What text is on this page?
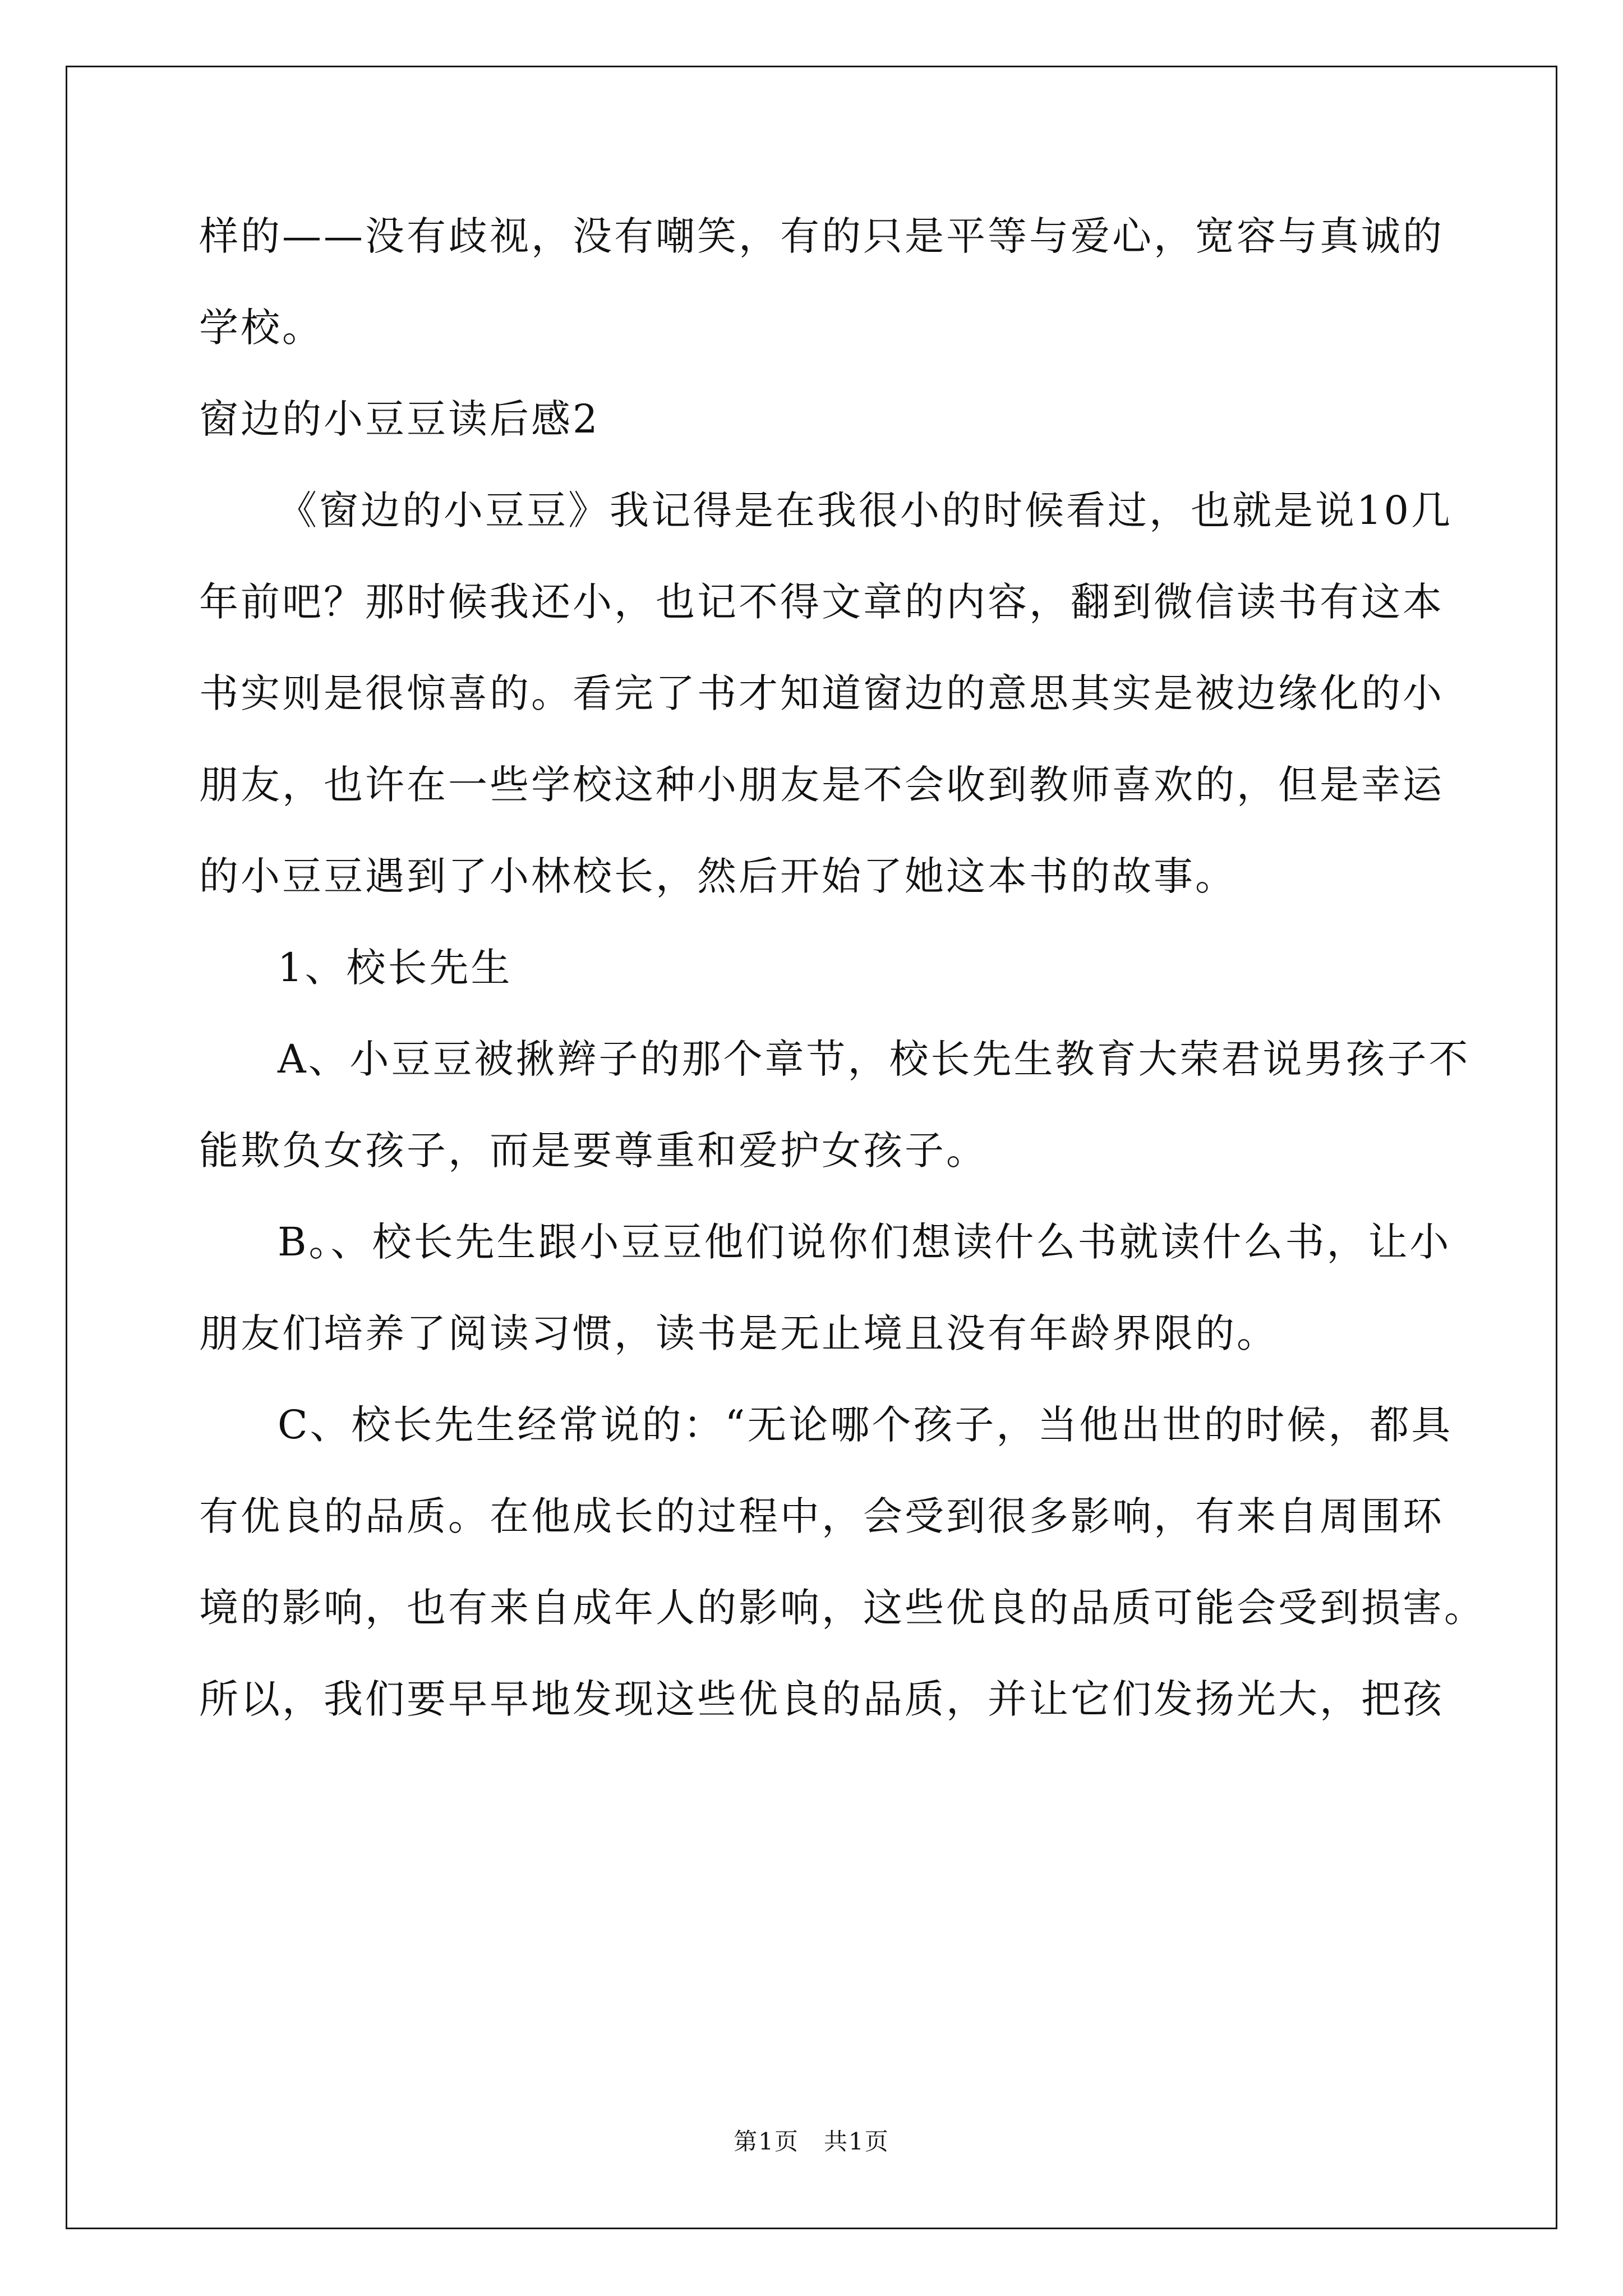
样的——没有歧视，没有嘲笑，有的只是平等与爱心，宽容与真诚的
学校。
窗边的小豆豆读后感2
《窗边的小豆豆》我记得是在我很小的时候看过，也就是说10几
年前吧？那时候我还小，也记不得文章的内容，翻到微信读书有这本
书实则是很惊喜的。看完了书才知道窗边的意思其实是被边缘化的小
朋友，也许在一些学校这种小朋友是不会收到教师喜欢的，但是幸运
的小豆豆遇到了小林校长，然后开始了她这本书的故事。
1、校长先生
A、小豆豆被揪辫子的那个章节，校长先生教育大荣君说男孩子不
能欺负女孩子，而是要尊重和爱护女孩子。
B。、校长先生跟小豆豆他们说你们想读什么书就读什么书，让小
朋友们培养了阅读习惯，读书是无止境且没有年龄界限的。
C、校长先生经常说的：“无论哪个孩子，当他出世的时候，都具
有优良的品质。在他成长的过程中，会受到很多影响，有来自周围环
境的影响，也有来自成年人的影响，这些优良的品质可能会受到损害。
所以，我们要早早地发现这些优良的品质，并让它们发扬光大，把孩
第1页　共1页
